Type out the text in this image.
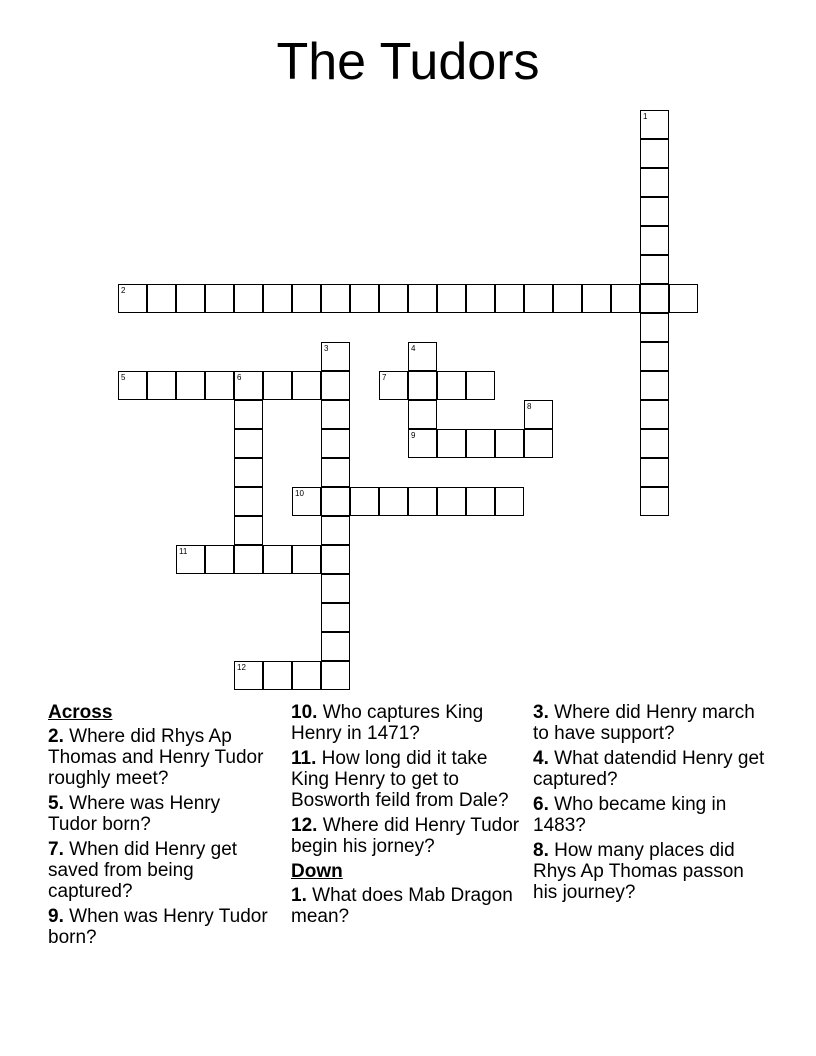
The Tudors
1
2
3	4
9
5	6	7
8
10
11
12
Across
2. Where did Rhys Ap Thomas and Henry Tudor roughly meet?
5. Where was Henry Tudor born?
7. When did Henry get saved from being captured?
9. When was Henry Tudor born?
10. Who captures King Henry in 1471?
11. How long did it take King Henry to get to Bosworth feild from Dale?
12. Where did Henry Tudor begin his jorney?
Down
1. What does Mab Dragon mean?
3. Where did Henry march to have support?
4. What datendid Henry get captured?
6. Who became king in 1483?
8. How many places did Rhys Ap Thomas passon his journey?
